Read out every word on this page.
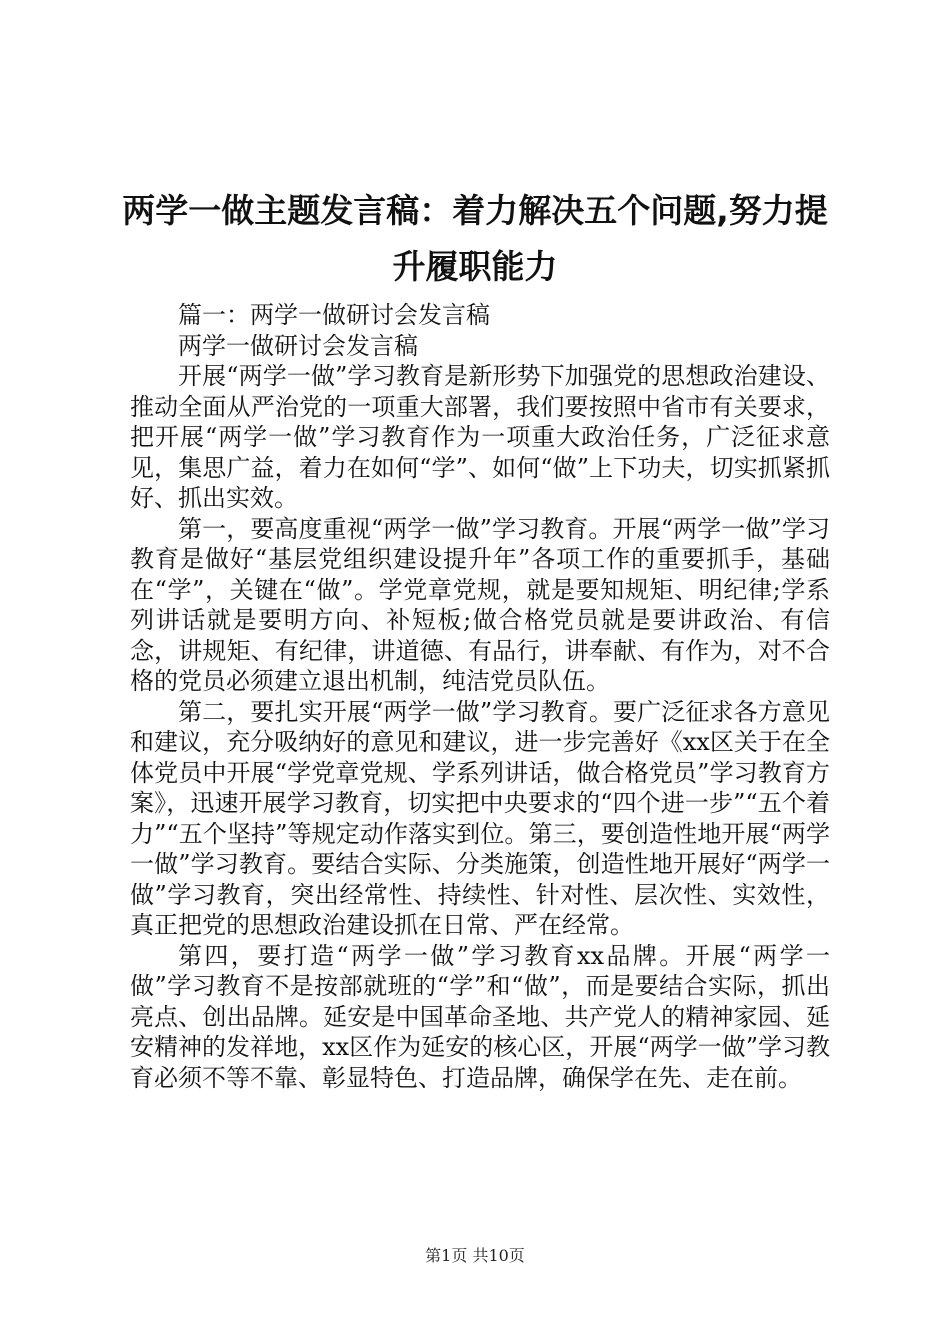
两学一做主题发言稿：着力解决五个问题,努力提升履职能力

篇一：两学一做研讨会发言稿

两学一做研讨会发言稿

开展“两学一做”学习教育是新形势下加强党的思想政治建设、推动全面从严治党的一项重大部署，我们要按照中省市有关要求，把开展“两学一做”学习教育作为一项重大政治任务，广泛征求意见，集思广益，着力在如何“学”、如何“做”上下功夫，切实抓紧抓好、抓出实效。

第一，要高度重视“两学一做”学习教育。开展“两学一做”学习教育是做好“基层党组织建设提升年”各项工作的重要抓手，基础在“学”，关键在“做”。学党章党规，就是要知规矩、明纪律;学系列讲话就是要明方向、补短板;做合格党员就是要讲政治、有信念，讲规矩、有纪律，讲道德、有品行，讲奉献、有作为，对不合格的党员必须建立退出机制，纯洁党员队伍。

第二，要扎实开展“两学一做”学习教育。要广泛征求各方意见和建议，充分吸纳好的意见和建议，进一步完善好《xx区关于在全体党员中开展“学党章党规、学系列讲话，做合格党员”学习教育方案》，迅速开展学习教育，切实把中央要求的“四个进一步”“五个着力”“五个坚持”等规定动作落实到位。第三，要创造性地开展“两学一做”学习教育。要结合实际、分类施策，创造性地开展好“两学一做”学习教育，突出经常性、持续性、针对性、层次性、实效性，真正把党的思想政治建设抓在日常、严在经常。

第四，要打造“两学一做”学习教育xx品牌。开展“两学一做”学习教育不是按部就班的“学”和“做”，而是要结合实际，抓出亮点、创出品牌。延安是中国革命圣地、共产党人的精神家园、延安精神的发祥地，xx区作为延安的核心区，开展“两学一做”学习教育必须不等不靠、彰显特色、打造品牌，确保学在先、走在前。

第1页 共10页
